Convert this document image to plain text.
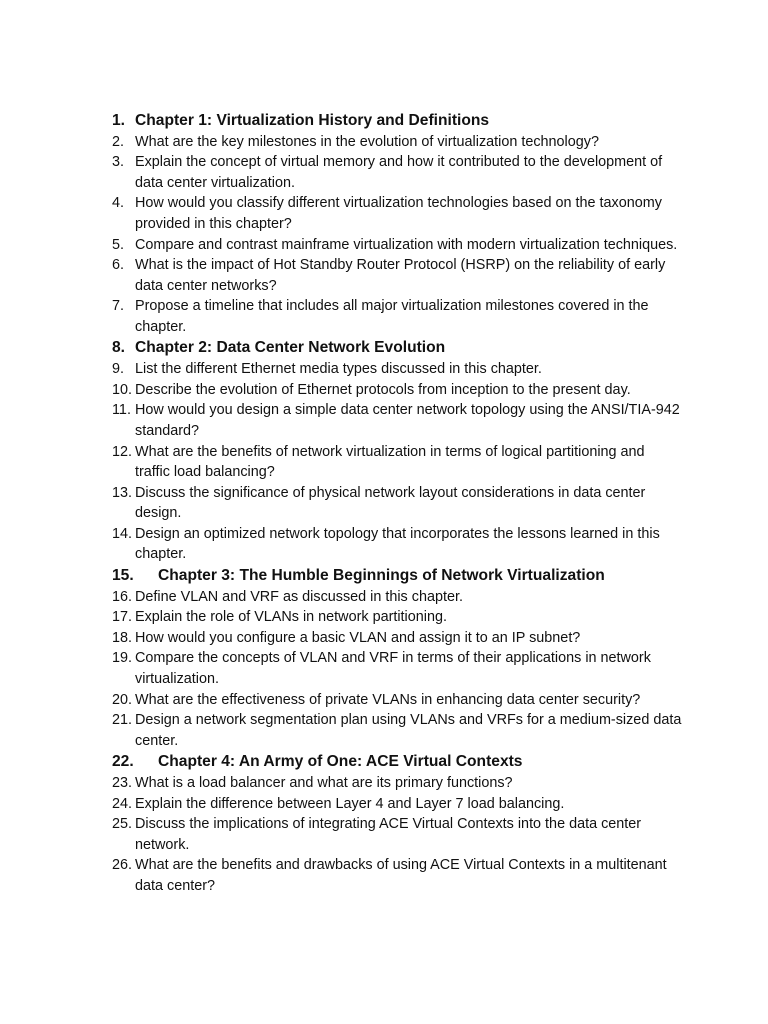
1. Chapter 1: Virtualization History and Definitions
2. What are the key milestones in the evolution of virtualization technology?
3. Explain the concept of virtual memory and how it contributed to the development of data center virtualization.
4. How would you classify different virtualization technologies based on the taxonomy provided in this chapter?
5. Compare and contrast mainframe virtualization with modern virtualization techniques.
6. What is the impact of Hot Standby Router Protocol (HSRP) on the reliability of early data center networks?
7. Propose a timeline that includes all major virtualization milestones covered in the chapter.
8. Chapter 2: Data Center Network Evolution
9. List the different Ethernet media types discussed in this chapter.
10. Describe the evolution of Ethernet protocols from inception to the present day.
11. How would you design a simple data center network topology using the ANSI/TIA-942 standard?
12. What are the benefits of network virtualization in terms of logical partitioning and traffic load balancing?
13. Discuss the significance of physical network layout considerations in data center design.
14. Design an optimized network topology that incorporates the lessons learned in this chapter.
15.	Chapter 3: The Humble Beginnings of Network Virtualization
16. Define VLAN and VRF as discussed in this chapter.
17. Explain the role of VLANs in network partitioning.
18. How would you configure a basic VLAN and assign it to an IP subnet?
19. Compare the concepts of VLAN and VRF in terms of their applications in network virtualization.
20. What are the effectiveness of private VLANs in enhancing data center security?
21. Design a network segmentation plan using VLANs and VRFs for a medium-sized data center.
22.	Chapter 4: An Army of One: ACE Virtual Contexts
23. What is a load balancer and what are its primary functions?
24. Explain the difference between Layer 4 and Layer 7 load balancing.
25. Discuss the implications of integrating ACE Virtual Contexts into the data center network.
26. What are the benefits and drawbacks of using ACE Virtual Contexts in a multitenant data center?
